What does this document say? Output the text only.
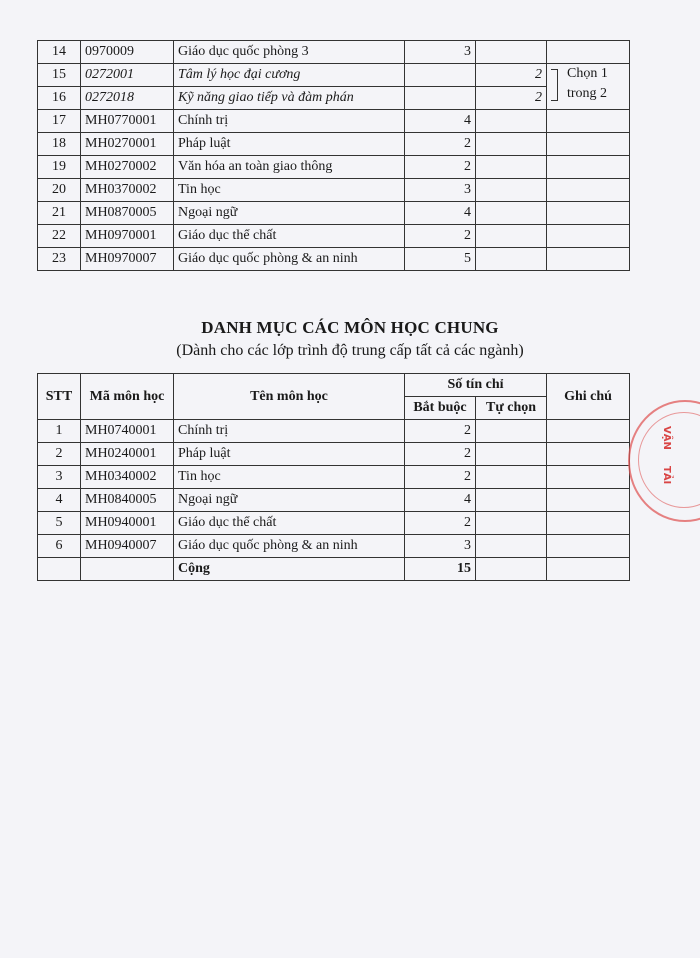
14	0970009	Giáo dục quốc phòng 3	3		
15	0272001	Tâm lý học đại cương		2	Chọn 1
trong 2

16	0272018	Kỹ năng giao tiếp và đàm phán		2	
17	MH0770001	Chính trị	4		
18	MH0270001	Pháp luật	2		
19	MH0270002	Văn hóa an toàn giao thông	2		
20	MH0370002	Tin học	3		
21	MH0870005	Ngoại ngữ	4		
22	MH0970001	Giáo dục thể chất	2		
23	MH0970007	Giáo dục quốc phòng & an ninh	5		
DANH MỤC CÁC MÔN HỌC CHUNG
(Dành cho các lớp trình độ trung cấp tất cả các ngành)
STT	Mã môn học	Tên môn học	Số tín chỉ		Ghi chú
			Bắt buộc	Tự chọn	
1	MH0740001	Chính trị	2		
2	MH0240001	Pháp luật	2		
3	MH0340002	Tin học	2		
4	MH0840005	Ngoại ngữ	4		
5	MH0940001	Giáo dục thể chất	2		
6	MH0940007	Giáo dục quốc phòng & an ninh	3		
		Cộng	15		
VẬN
TẢI
